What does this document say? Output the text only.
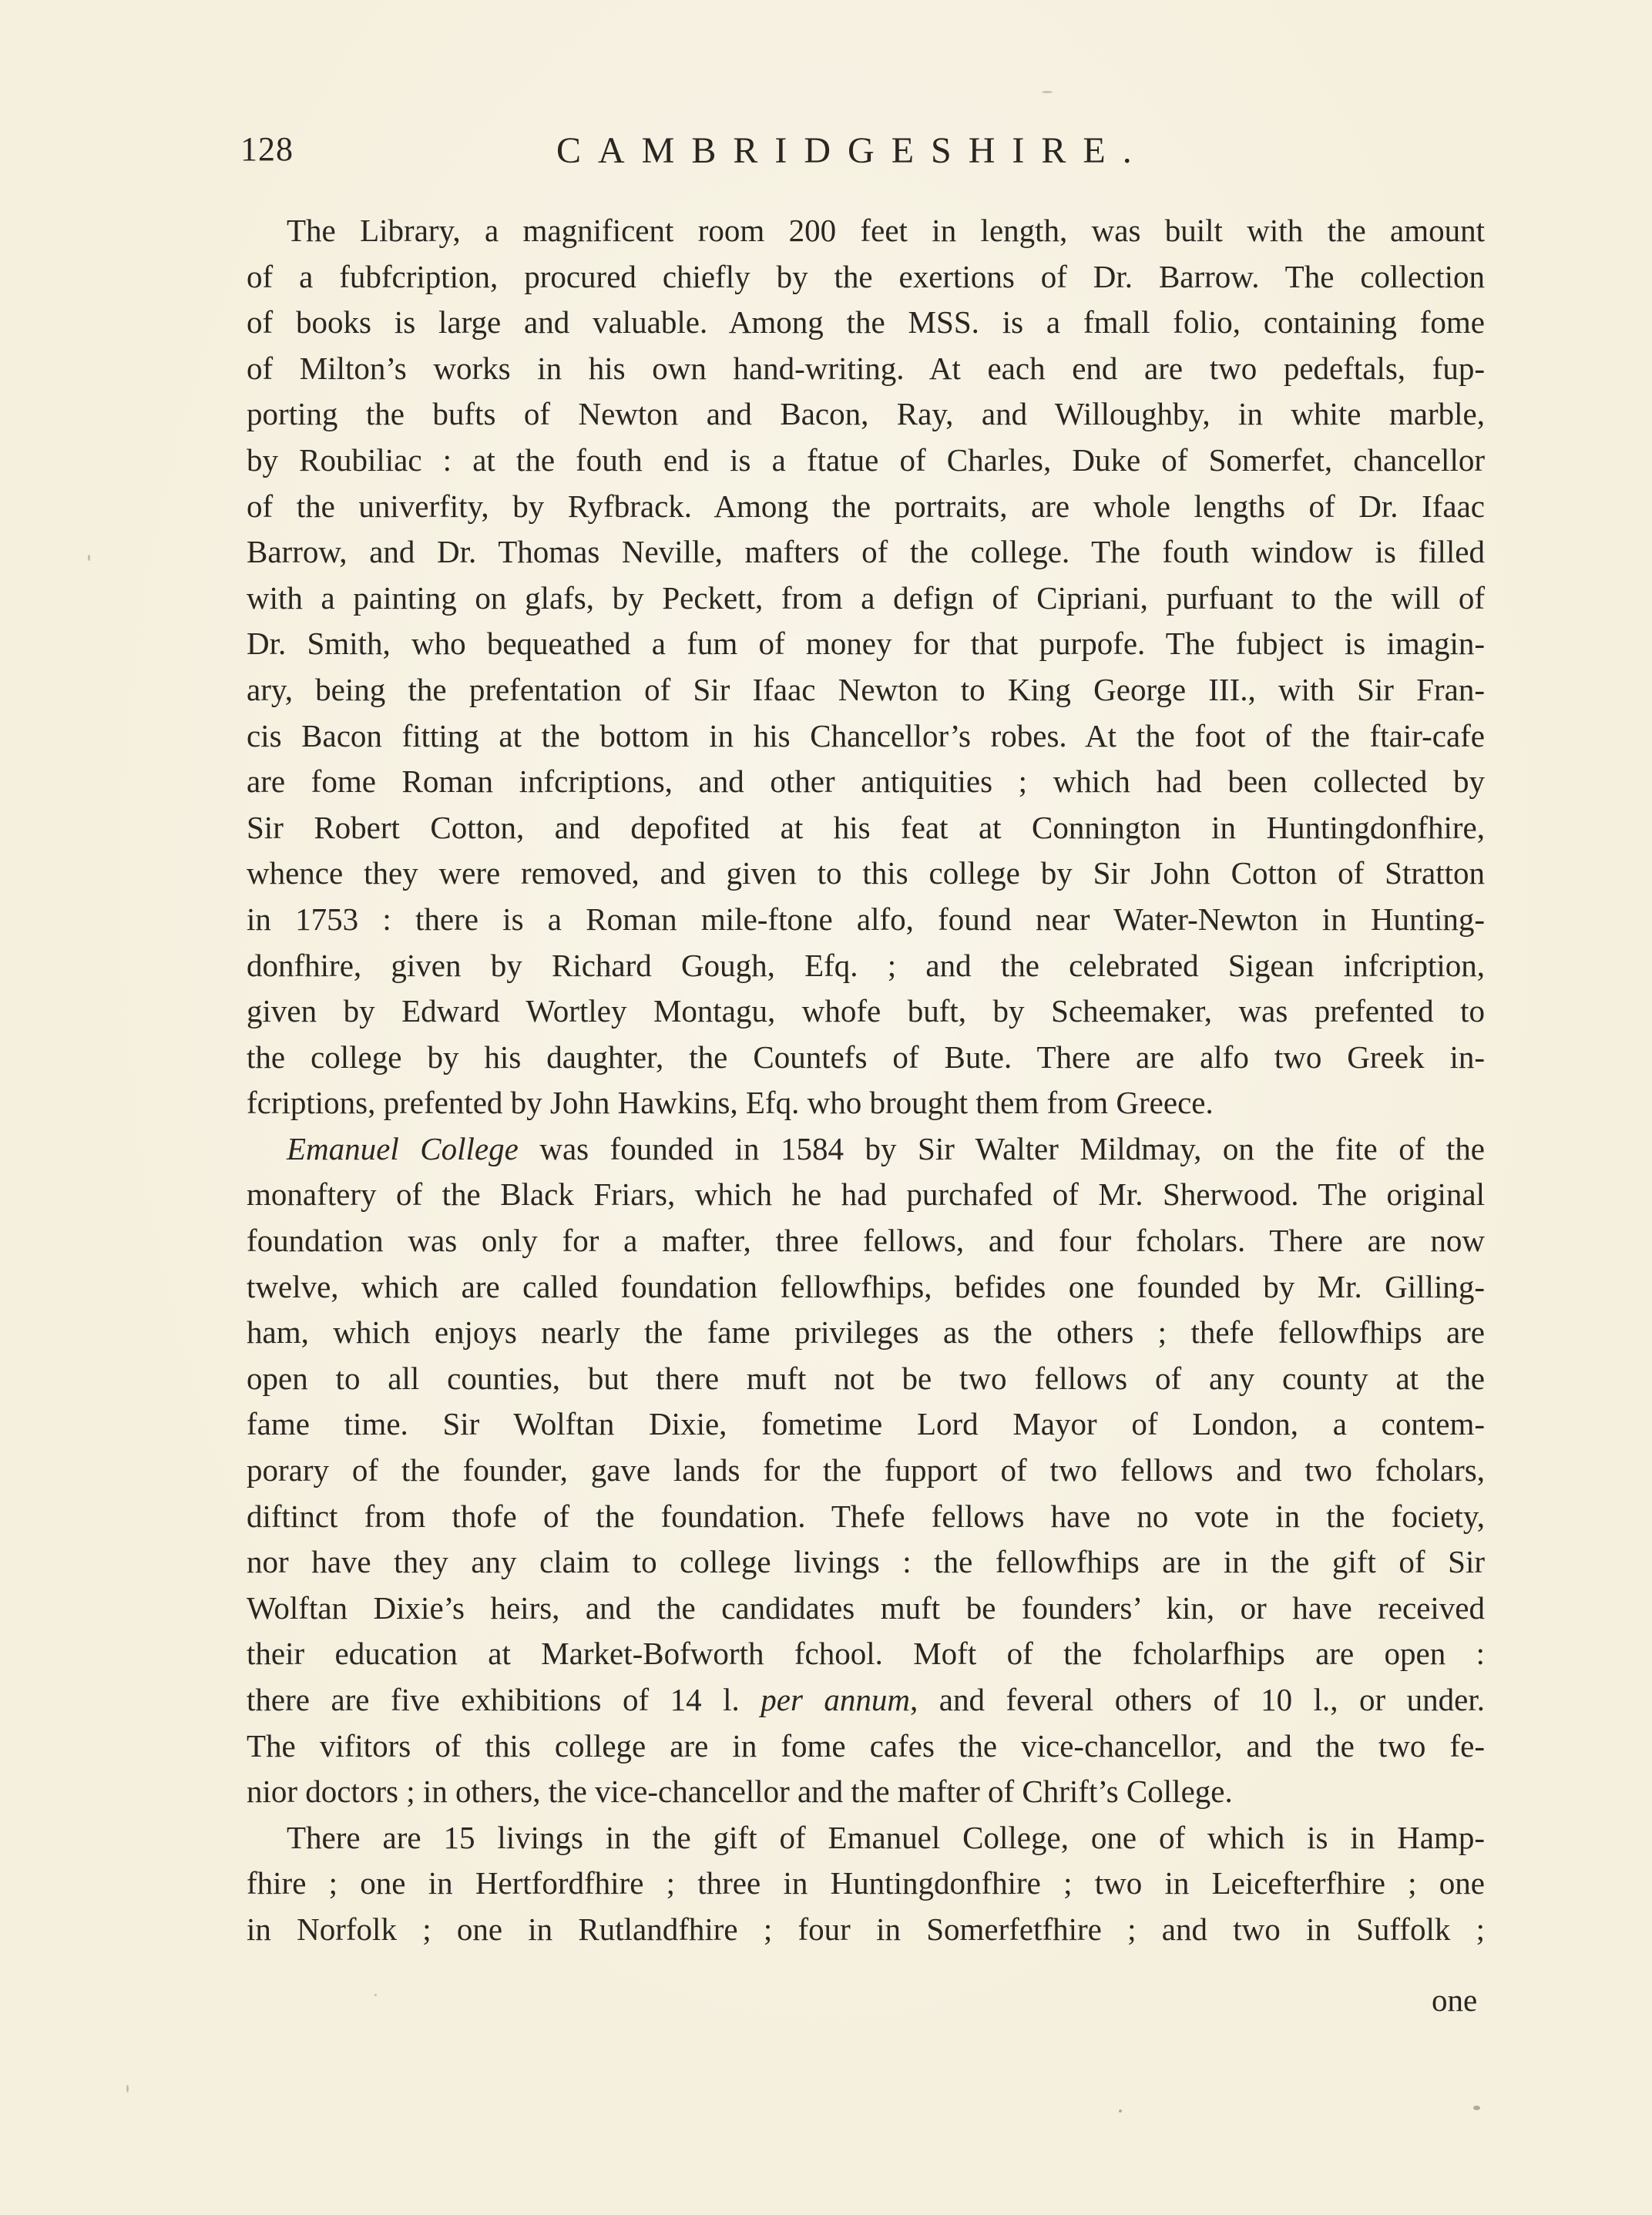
128	CAMBRIDGESHIRE.
The Library, a magnificent room 200 feet in length, was built with the amount
of a fubfcription, procured chiefly by the exertions of Dr. Barrow. The collection
of books is large and valuable. Among the MSS. is a fmall folio, containing fome
of Milton’s works in his own hand-writing. At each end are two pedeftals, fup-
porting the bufts of Newton and Bacon, Ray, and Willoughby, in white marble,
by Roubiliac : at the fouth end is a ftatue of Charles, Duke of Somerfet, chancellor
of the univerfity, by Ryfbrack. Among the portraits, are whole lengths of Dr. Ifaac
Barrow, and Dr. Thomas Neville, mafters of the college. The fouth window is filled
with a painting on glafs, by Peckett, from a defign of Cipriani, purfuant to the will of
Dr. Smith, who bequeathed a fum of money for that purpofe. The fubject is imagin-
ary, being the prefentation of Sir Ifaac Newton to King George III., with Sir Fran-
cis Bacon fitting at the bottom in his Chancellor’s robes. At the foot of the ftair-cafe
are fome Roman infcriptions, and other antiquities ; which had been collected by
Sir Robert Cotton, and depofited at his feat at Connington in Huntingdonfhire,
whence they were removed, and given to this college by Sir John Cotton of Stratton
in 1753 : there is a Roman mile-ftone alfo, found near Water-Newton in Hunting-
donfhire, given by Richard Gough, Efq. ; and the celebrated Sigean infcription,
given by Edward Wortley Montagu, whofe buft, by Scheemaker, was prefented to
the college by his daughter, the Countefs of Bute. There are alfo two Greek in-
fcriptions, prefented by John Hawkins, Efq. who brought them from Greece.
Emanuel College was founded in 1584 by Sir Walter Mildmay, on the fite of the
monaftery of the Black Friars, which he had purchafed of Mr. Sherwood. The original
foundation was only for a mafter, three fellows, and four fcholars. There are now
twelve, which are called foundation fellowfhips, befides one founded by Mr. Gilling-
ham, which enjoys nearly the fame privileges as the others ; thefe fellowfhips are
open to all counties, but there muft not be two fellows of any county at the
fame time. Sir Wolftan Dixie, fometime Lord Mayor of London, a contem-
porary of the founder, gave lands for the fupport of two fellows and two fcholars,
diftinct from thofe of the foundation. Thefe fellows have no vote in the fociety,
nor have they any claim to college livings : the fellowfhips are in the gift of Sir
Wolftan Dixie’s heirs, and the candidates muft be founders’ kin, or have received
their education at Market-Bofworth fchool. Moft of the fcholarfhips are open :
there are five exhibitions of 14 l. per annum, and feveral others of 10 l., or under.
The vifitors of this college are in fome cafes the vice-chancellor, and the two fe-
nior doctors ; in others, the vice-chancellor and the mafter of Chrift’s College.
There are 15 livings in the gift of Emanuel College, one of which is in Hamp-
fhire ; one in Hertfordfhire ; three in Huntingdonfhire ; two in Leicefterfhire ; one
in Norfolk ; one in Rutlandfhire ; four in Somerfetfhire ; and two in Suffolk ;
one
